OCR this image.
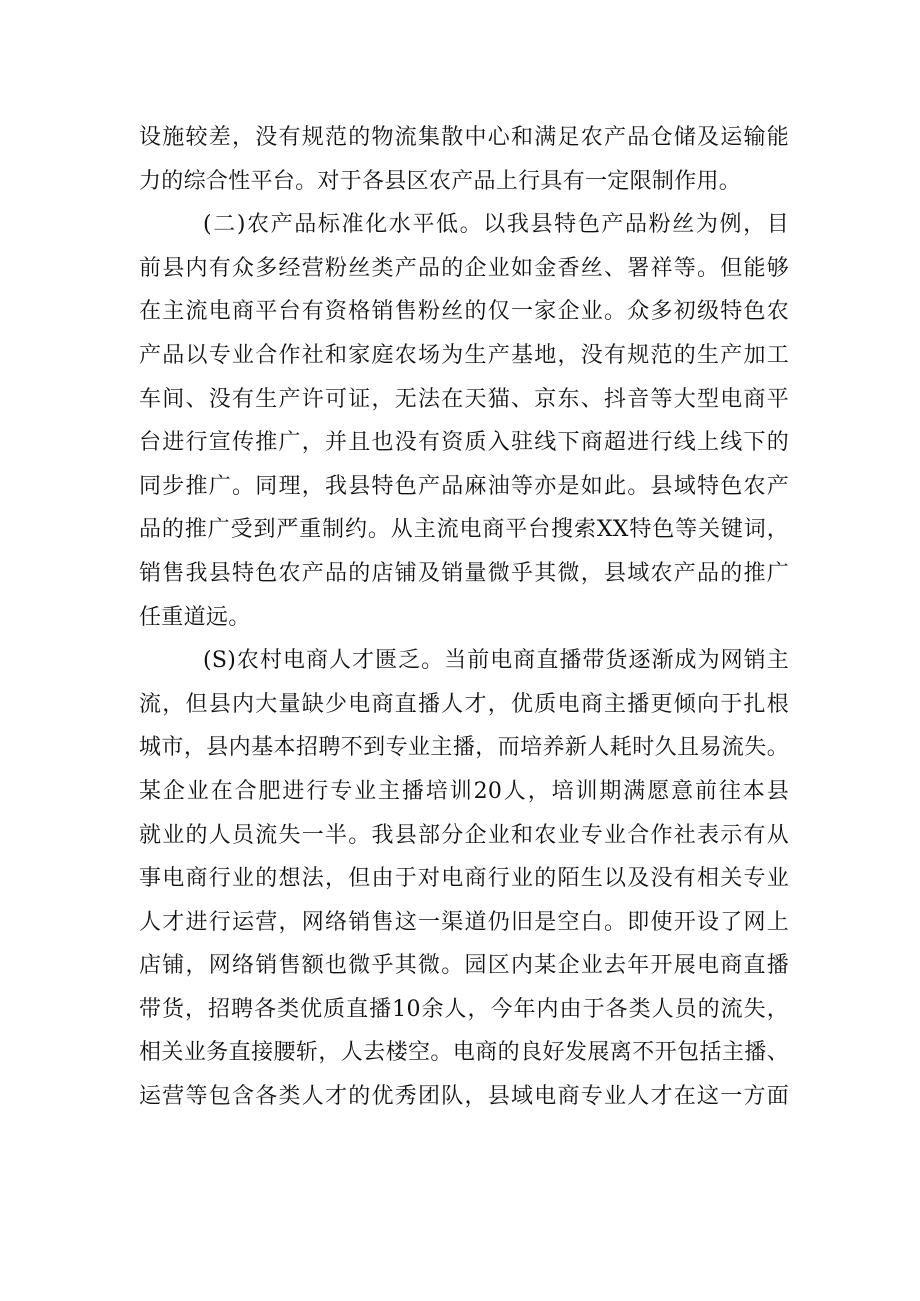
设施较差，没有规范的物流集散中心和满足农产品仓储及运输能
力的综合性平台。对于各县区农产品上行具有一定限制作用。
(二)农产品标准化水平低。以我县特色产品粉丝为例，目
前县内有众多经营粉丝类产品的企业如金香丝、署祥等。但能够
在主流电商平台有资格销售粉丝的仅一家企业。众多初级特色农
产品以专业合作社和家庭农场为生产基地，没有规范的生产加工
车间、没有生产许可证，无法在天猫、京东、抖音等大型电商平
台进行宣传推广，并且也没有资质入驻线下商超进行线上线下的
同步推广。同理，我县特色产品麻油等亦是如此。县域特色农产
品的推广受到严重制约。从主流电商平台搜索XX特色等关键词，
销售我县特色农产品的店铺及销量微乎其微，县域农产品的推广
任重道远。
(S)农村电商人才匮乏。当前电商直播带货逐渐成为网销主
流，但县内大量缺少电商直播人才，优质电商主播更倾向于扎根
城市，县内基本招聘不到专业主播，而培养新人耗时久且易流失。
某企业在合肥进行专业主播培训20人，培训期满愿意前往本县
就业的人员流失一半。我县部分企业和农业专业合作社表示有从
事电商行业的想法，但由于对电商行业的陌生以及没有相关专业
人才进行运营，网络销售这一渠道仍旧是空白。即使开设了网上
店铺，网络销售额也微乎其微。园区内某企业去年开展电商直播
带货，招聘各类优质直播10余人，今年内由于各类人员的流失，
相关业务直接腰斩，人去楼空。电商的良好发展离不开包括主播、
运营等包含各类人才的优秀团队，县域电商专业人才在这一方面
